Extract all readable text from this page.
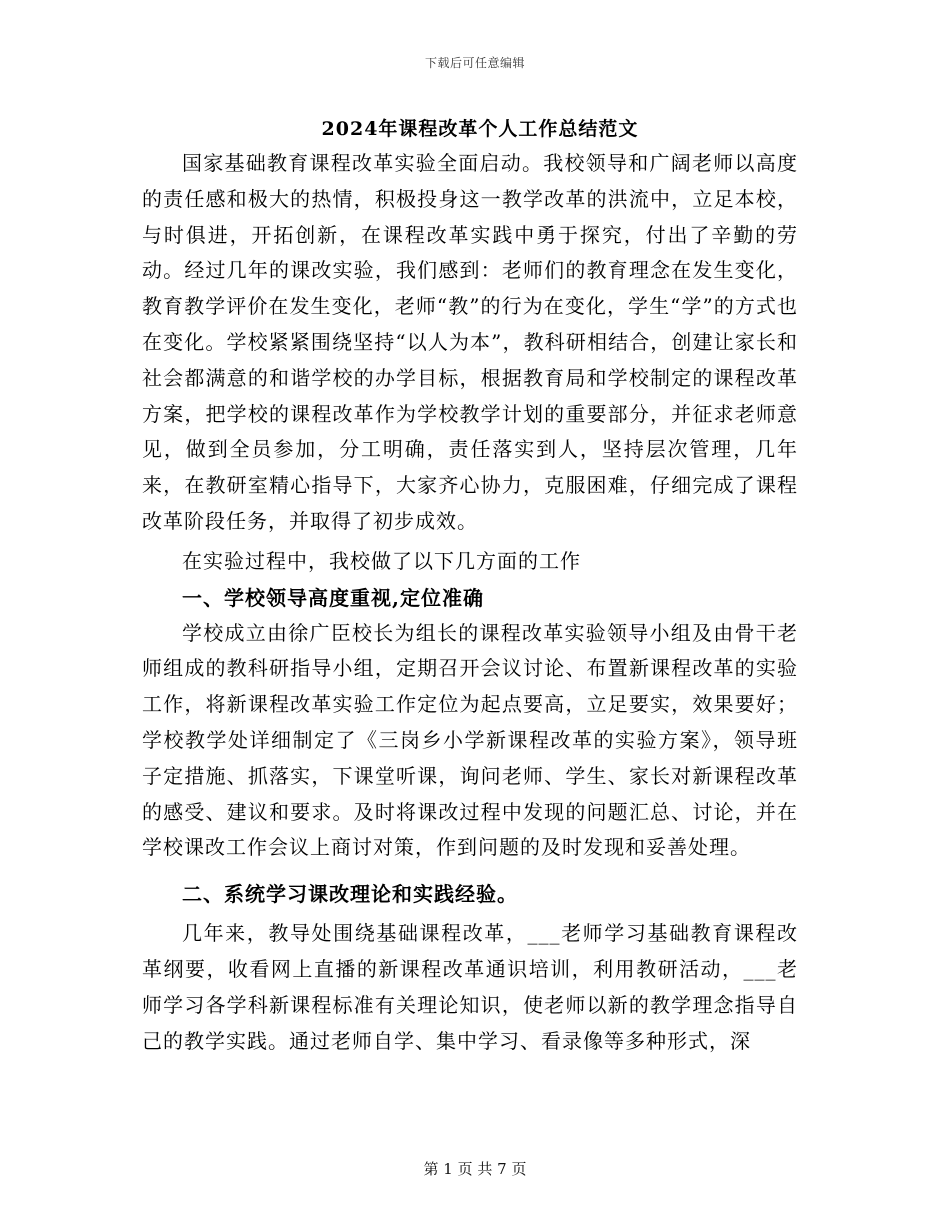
下载后可任意编辑
2024年课程改革个人工作总结范文

国家基础教育课程改革实验全面启动。我校领导和广阔老师以高度的责任感和极大的热情，积极投身这一教学改革的洪流中，立足本校，与时俱进，开拓创新，在课程改革实践中勇于探究，付出了辛勤的劳动。经过几年的课改实验，我们感到：老师们的教育理念在发生变化，教育教学评价在发生变化，老师“教”的行为在变化，学生“学”的方式也在变化。学校紧紧围绕坚持“以人为本”，教科研相结合，创建让家长和社会都满意的和谐学校的办学目标，根据教育局和学校制定的课程改革方案，把学校的课程改革作为学校教学计划的重要部分，并征求老师意见，做到全员参加，分工明确，责任落实到人，坚持层次管理，几年来，在教研室精心指导下，大家齐心协力，克服困难，仔细完成了课程改革阶段任务，并取得了初步成效。

在实验过程中，我校做了以下几方面的工作

一、学校领导高度重视,定位准确

学校成立由徐广臣校长为组长的课程改革实验领导小组及由骨干老师组成的教科研指导小组，定期召开会议讨论、布置新课程改革的实验工作，将新课程改革实验工作定位为起点要高，立足要实，效果要好；学校教学处详细制定了《三岗乡小学新课程改革的实验方案》，领导班子定措施、抓落实，下课堂听课，询问老师、学生、家长对新课程改革的感受、建议和要求。及时将课改过程中发现的问题汇总、讨论，并在学校课改工作会议上商讨对策，作到问题的及时发现和妥善处理。

二、系统学习课改理论和实践经验。

几年来，教导处围绕基础课程改革，___老师学习基础教育课程改革纲要，收看网上直播的新课程改革通识培训，利用教研活动，___老师学习各学科新课程标准有关理论知识，使老师以新的教学理念指导自己的教学实践。通过老师自学、集中学习、看录像等多种形式，深

第 1 页 共 7 页
